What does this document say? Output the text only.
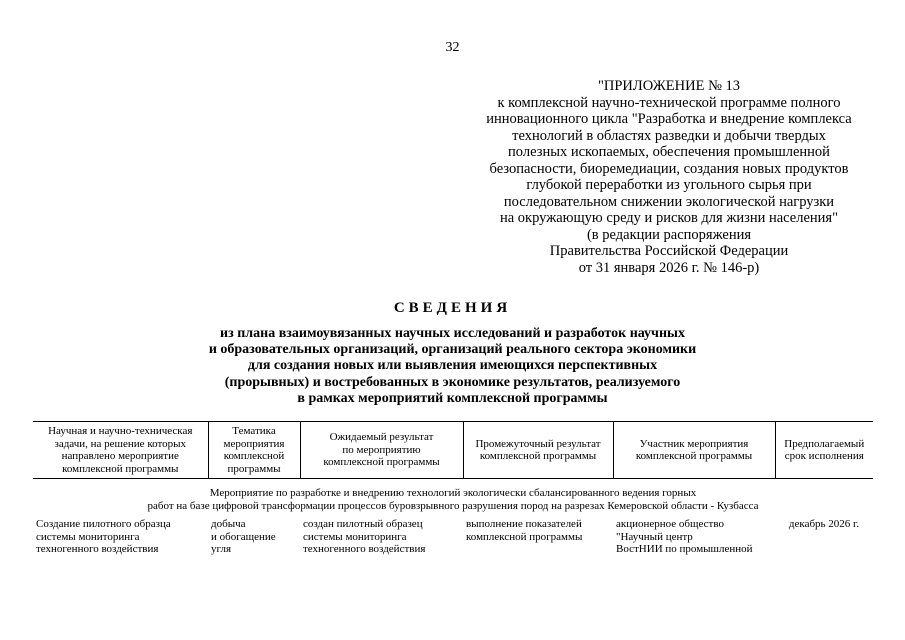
32
"ПРИЛОЖЕНИЕ № 13
к комплексной научно-технической программе полного
инновационного цикла "Разработка и внедрение комплекса
технологий в областях разведки и добычи твердых
полезных ископаемых, обеспечения промышленной
безопасности, биоремедиации, создания новых продуктов
глубокой переработки из угольного сырья при
последовательном снижении экологической нагрузки
на окружающую среду и рисков для жизни населения"
(в редакции распоряжения
Правительства Российской Федерации
от 31 января 2026 г. № 146-р)
СВЕДЕНИЯ
из плана взаимоувязанных научных исследований и разработок научных
и образовательных организаций, организаций реального сектора экономики
для создания новых или выявления имеющихся перспективных
(прорывных) и востребованных в экономике результатов, реализуемого
в рамках мероприятий комплексной программы
Научная и научно-техническая
задачи, на решение которых
направлено мероприятие
комплексной программы	Тематика
мероприятия
комплексной
программы	Ожидаемый результат
по мероприятию
комплексной программы	Промежуточный результат
комплексной программы	Участник мероприятия
комплексной программы	Предполагаемый
срок исполнения

Мероприятие по разработке и внедрению технологий экологически сбалансированного ведения горных
работ на базе цифровой трансформации процессов буровзрывного разрушения пород на разрезах Кемеровской области - Кузбасса					

Создание пилотного образца
системы мониторинга
техногенного воздействия	добыча
и обогащение
угля	создан пилотный образец
системы мониторинга
техногенного воздействия	выполнение показателей
комплексной программы	акционерное общество
"Научный центр
ВостНИИ по промышленной	декабрь 2026 г.
